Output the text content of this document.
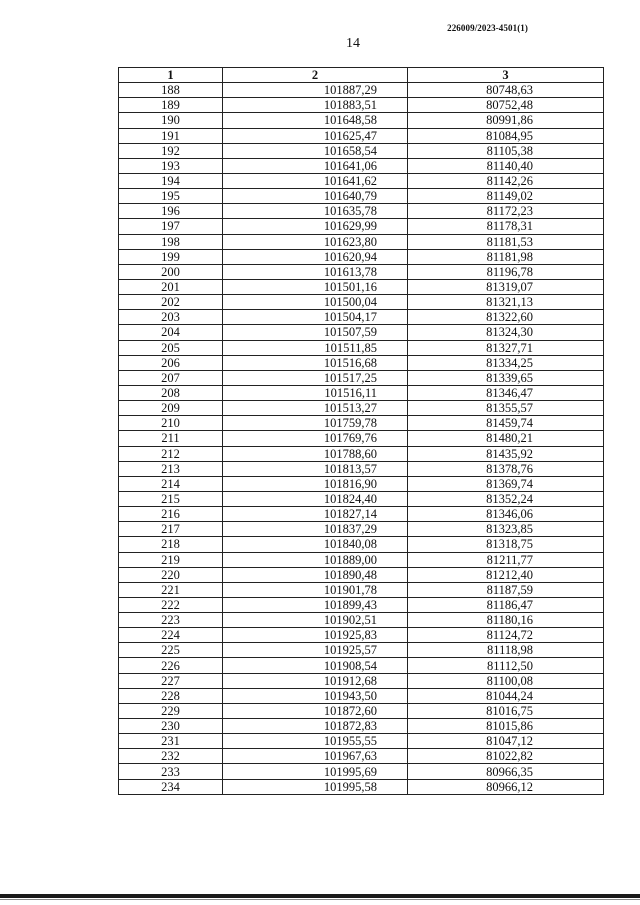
226009/2023-4501(1)
14
1	2	3
188	101887,29	80748,63
189	101883,51	80752,48
190	101648,58	80991,86
191	101625,47	81084,95
192	101658,54	81105,38
193	101641,06	81140,40
194	101641,62	81142,26
195	101640,79	81149,02
196	101635,78	81172,23
197	101629,99	81178,31
198	101623,80	81181,53
199	101620,94	81181,98
200	101613,78	81196,78
201	101501,16	81319,07
202	101500,04	81321,13
203	101504,17	81322,60
204	101507,59	81324,30
205	101511,85	81327,71
206	101516,68	81334,25
207	101517,25	81339,65
208	101516,11	81346,47
209	101513,27	81355,57
210	101759,78	81459,74
211	101769,76	81480,21
212	101788,60	81435,92
213	101813,57	81378,76
214	101816,90	81369,74
215	101824,40	81352,24
216	101827,14	81346,06
217	101837,29	81323,85
218	101840,08	81318,75
219	101889,00	81211,77
220	101890,48	81212,40
221	101901,78	81187,59
222	101899,43	81186,47
223	101902,51	81180,16
224	101925,83	81124,72
225	101925,57	81118,98
226	101908,54	81112,50
227	101912,68	81100,08
228	101943,50	81044,24
229	101872,60	81016,75
230	101872,83	81015,86
231	101955,55	81047,12
232	101967,63	81022,82
233	101995,69	80966,35
234	101995,58	80966,12
